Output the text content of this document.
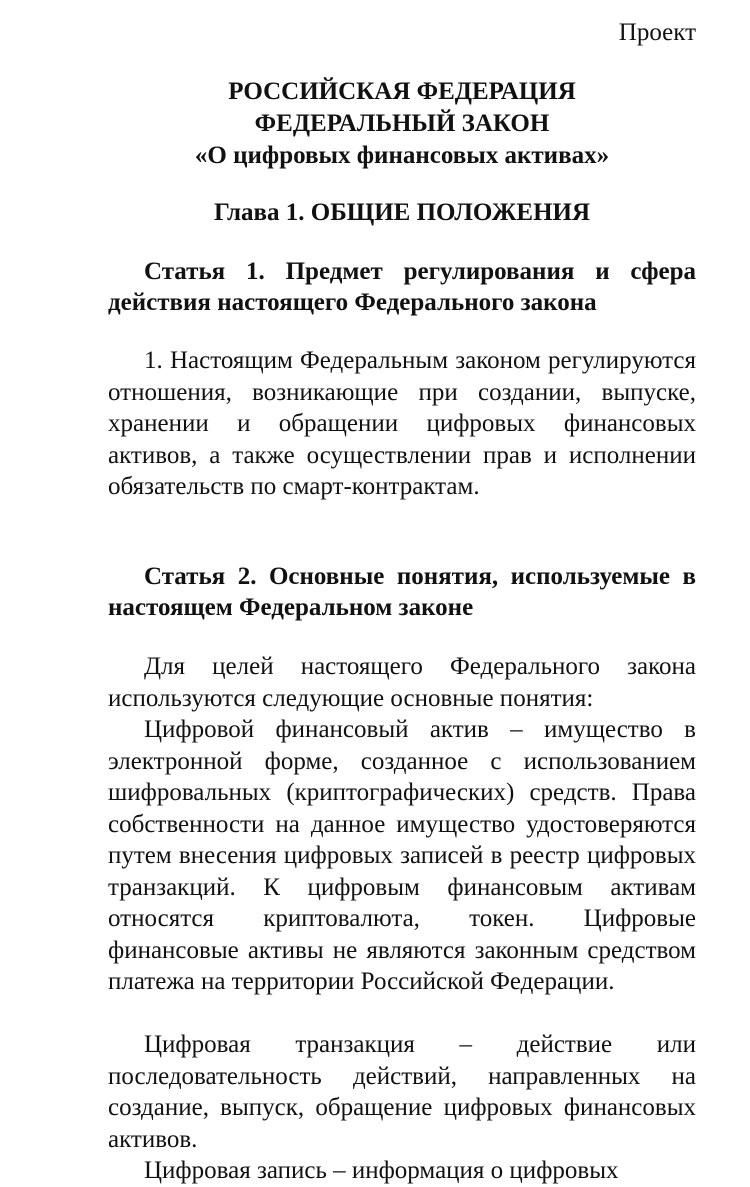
Проект
РОССИЙСКАЯ ФЕДЕРАЦИЯ
ФЕДЕРАЛЬНЫЙ ЗАКОН
«О цифровых финансовых активах»
Глава 1. ОБЩИЕ ПОЛОЖЕНИЯ
Статья 1. Предмет регулирования и сфера действия настоящего Федерального закона
1. Настоящим Федеральным законом регулируются отношения, возникающие при создании, выпуске, хранении и обращении цифровых финансовых активов, а также осуществлении прав и исполнении обязательств по смарт-контрактам.
Статья 2. Основные понятия, используемые в настоящем Федеральном законе
Для целей настоящего Федерального закона используются следующие основные понятия:
Цифровой финансовый актив – имущество в электронной форме, созданное с использованием шифровальных (криптографических) средств. Права собственности на данное имущество удостоверяются путем внесения цифровых записей в реестр цифровых транзакций. К цифровым финансовым активам относятся криптовалюта, токен. Цифровые финансовые активы не являются законным средством платежа на территории Российской Федерации.
Цифровая транзакция – действие или последовательность действий, направленных на создание, выпуск, обращение цифровых финансовых активов.
Цифровая запись – информация о цифровых
